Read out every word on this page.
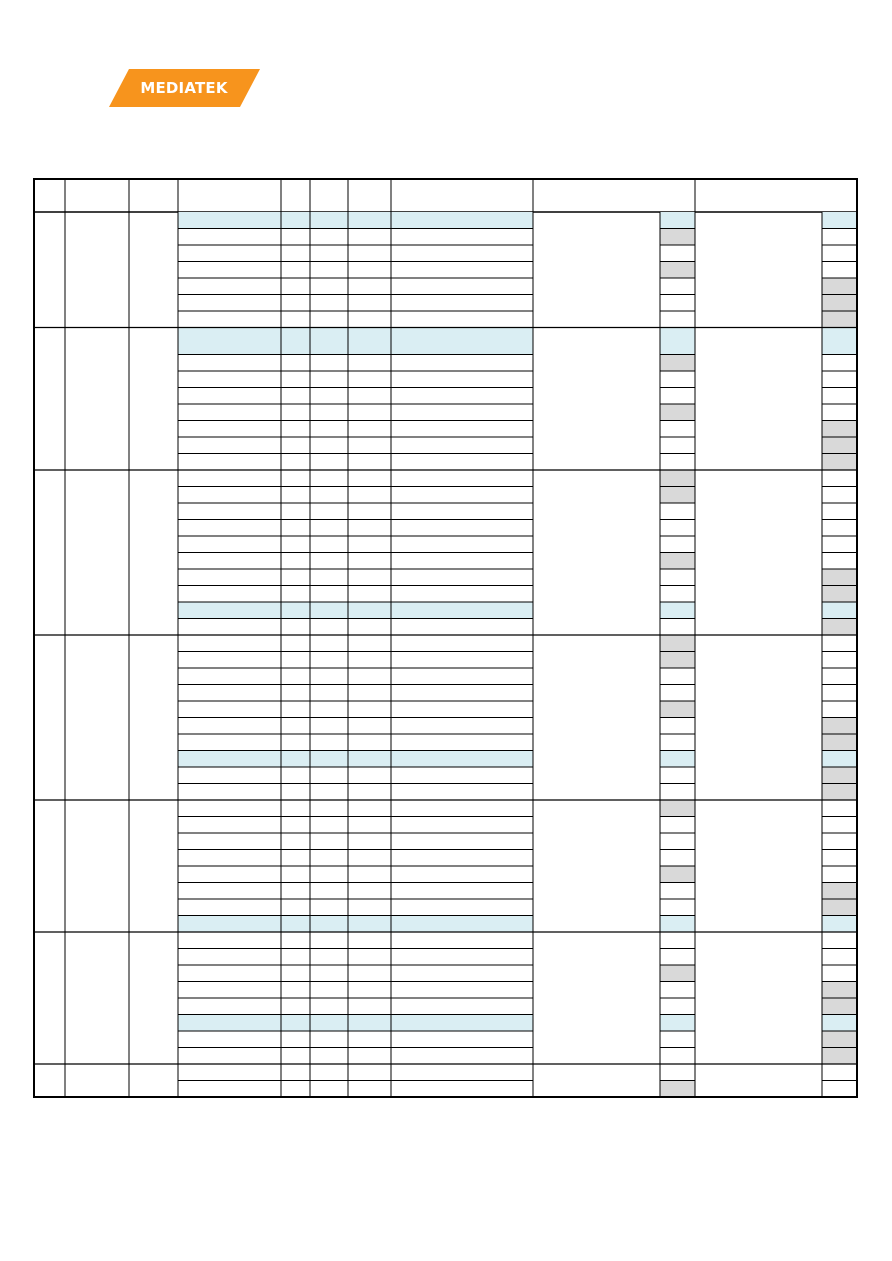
MEDIATEK
